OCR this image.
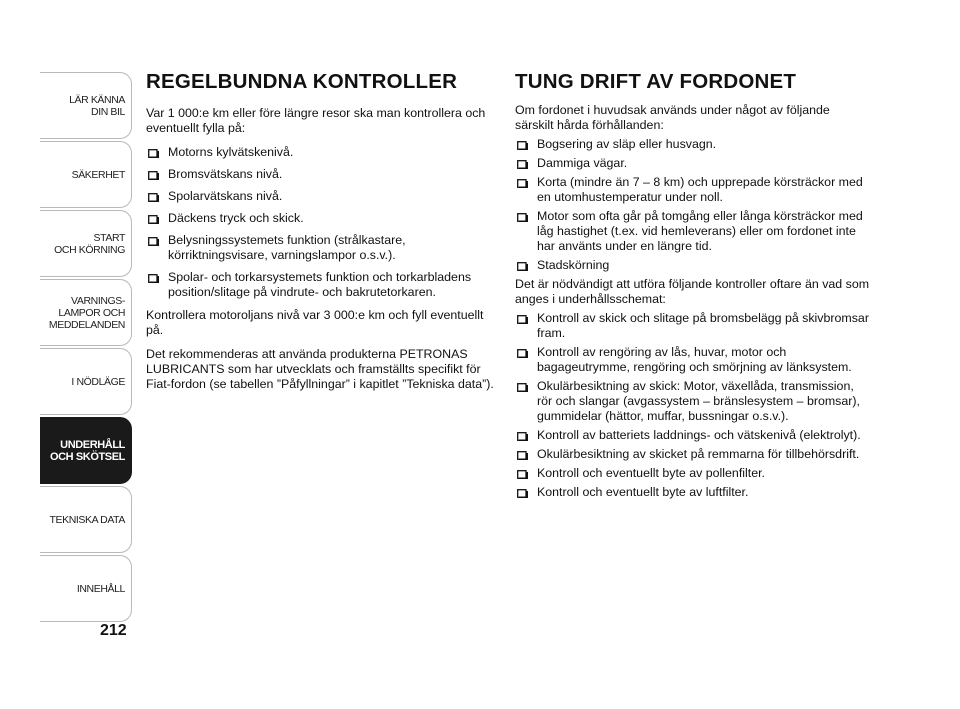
LÄR KÄNNA
DIN BIL
SÄKERHET
START
OCH KÖRNING
VARNINGS-
LAMPOR OCH
MEDDELANDEN
I NÖDLÄGE
UNDERHÅLL
OCH SKÖTSEL
TEKNISKA DATA
INNEHÅLL
212
REGELBUNDNA KONTROLLER

Var 1 000:e km eller före längre resor ska man kontrollera och eventuellt fylla på:

Motorns kylvätskenivå.
Bromsvätskans nivå.
Spolarvätskans nivå.
Däckens tryck och skick.
Belysningssystemets funktion (strålkastare, körriktningsvisare, varningslampor o.s.v.).
Spolar- och torkarsystemets funktion och torkarbladens position/slitage på vindrute- och bakrutetorkaren.

Kontrollera motoroljans nivå var 3 000:e km och fyll eventuellt på.

Det rekommenderas att använda produkterna PETRONAS LUBRICANTS som har utvecklats och framställts specifikt för Fiat-fordon (se tabellen ”Påfyllningar” i kapitlet ”Tekniska data”).

TUNG DRIFT AV FORDONET

Om fordonet i huvudsak används under något av följande särskilt hårda förhållanden:

Bogsering av släp eller husvagn.
Dammiga vägar.
Korta (mindre än 7 – 8 km) och upprepade körsträckor med en utomhustemperatur under noll.
Motor som ofta går på tomgång eller långa körsträckor med låg hastighet (t.ex. vid hemleverans) eller om fordonet inte har använts under en längre tid.
Stadskörning

Det är nödvändigt att utföra följande kontroller oftare än vad som anges i underhållsschemat:

Kontroll av skick och slitage på bromsbelägg på skivbromsar fram.
Kontroll av rengöring av lås, huvar, motor och bagageutrymme, rengöring och smörjning av länksystem.
Okulärbesiktning av skick: Motor, växellåda, transmission, rör och slangar (avgassystem – bränslesystem – bromsar), gummidelar (hättor, muffar, bussningar o.s.v.).
Kontroll av batteriets laddnings- och vätskenivå (elektrolyt).
Okulärbesiktning av skicket på remmarna för tillbehörsdrift.
Kontroll och eventuellt byte av pollenfilter.
Kontroll och eventuellt byte av luftfilter.
